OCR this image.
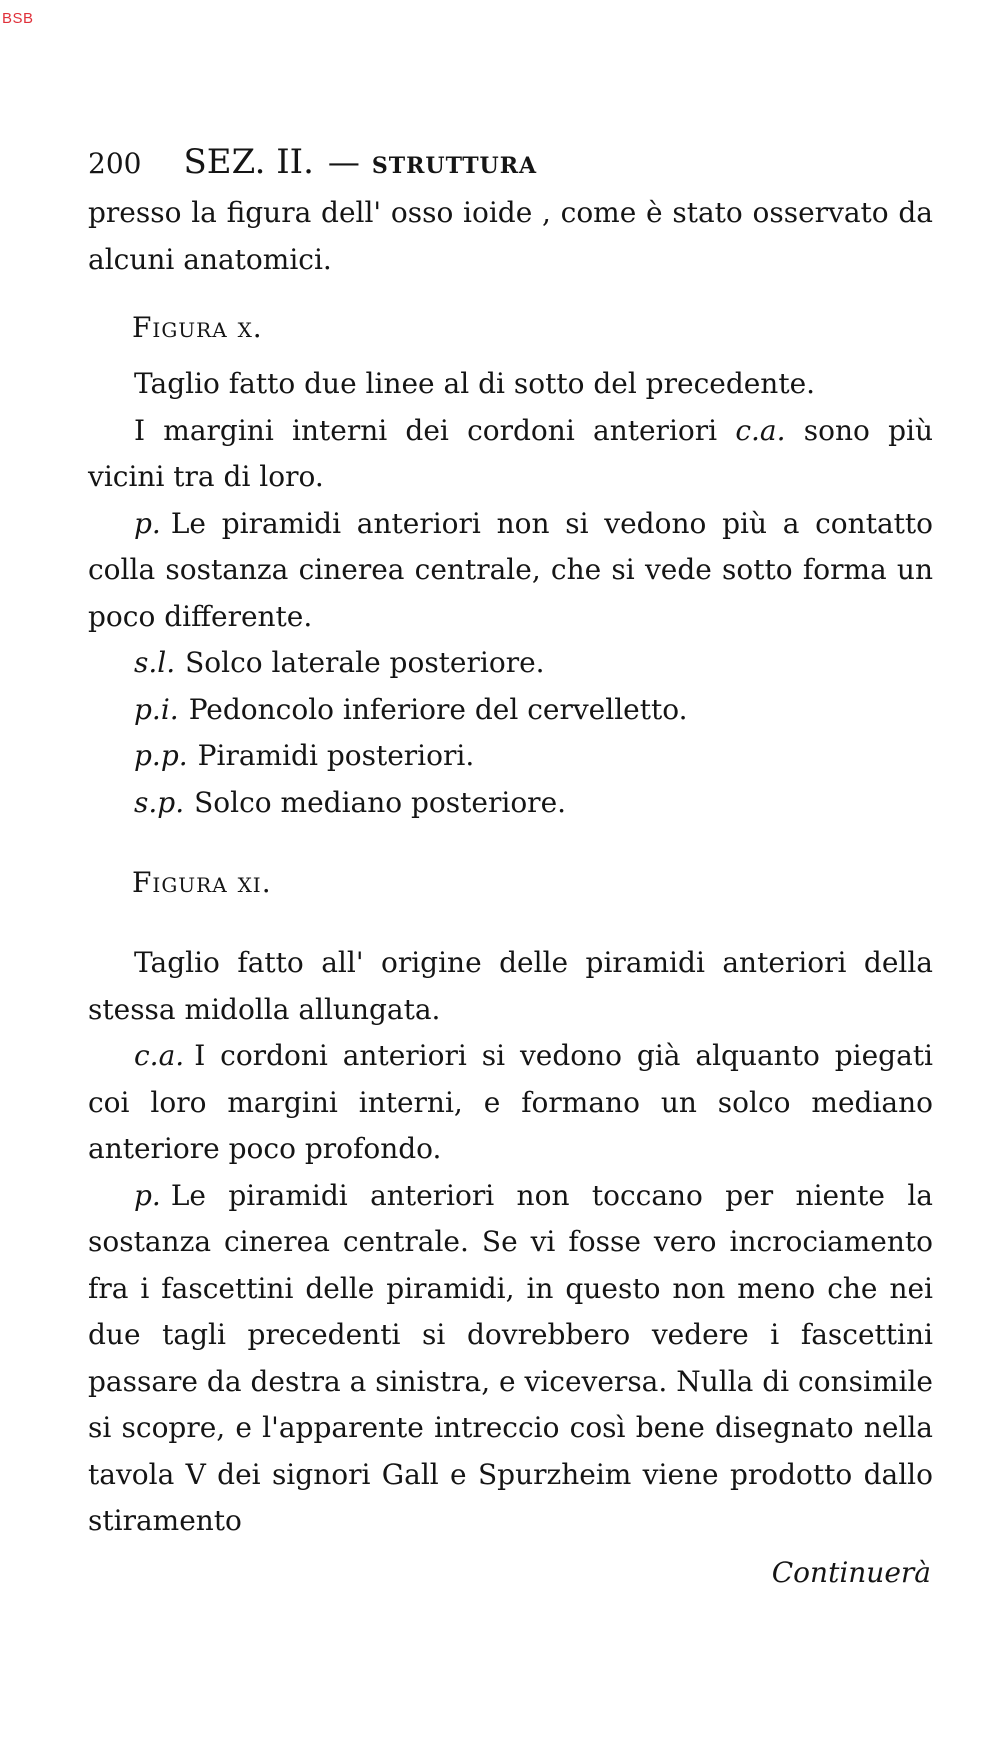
BSB
200 SEZ. II. — STRUTTURA

presso la figura dell' osso ioide , come è stato osservato da alcuni anatomici.

Figura x.

Taglio fatto due linee al di sotto del precedente.

I margini interni dei cordoni anteriori c.a. sono più vicini tra di loro.

p. Le piramidi anteriori non si vedono più a contatto colla sostanza cinerea centrale, che si vede sotto forma un poco differente.

s.l. Solco laterale posteriore.

p.i. Pedoncolo inferiore del cervelletto.

p.p. Piramidi posteriori.

s.p. Solco mediano posteriore.

Figura xi.

Taglio fatto all' origine delle piramidi anteriori della stessa midolla allungata.

c.a. I cordoni anteriori si vedono già alquanto piegati coi loro margini interni, e formano un solco mediano anteriore poco profondo.

p. Le piramidi anteriori non toccano per niente la sostanza cinerea centrale. Se vi fosse vero incrociamento fra i fascettini delle piramidi, in questo non meno che nei due tagli precedenti si dovrebbero vedere i fascettini passare da destra a sinistra, e viceversa. Nulla di consimile si scopre, e l'apparente intreccio così bene disegnato nella tavola V dei signori Gall e Spurzheim viene prodotto dallo stiramento

Continuerà
